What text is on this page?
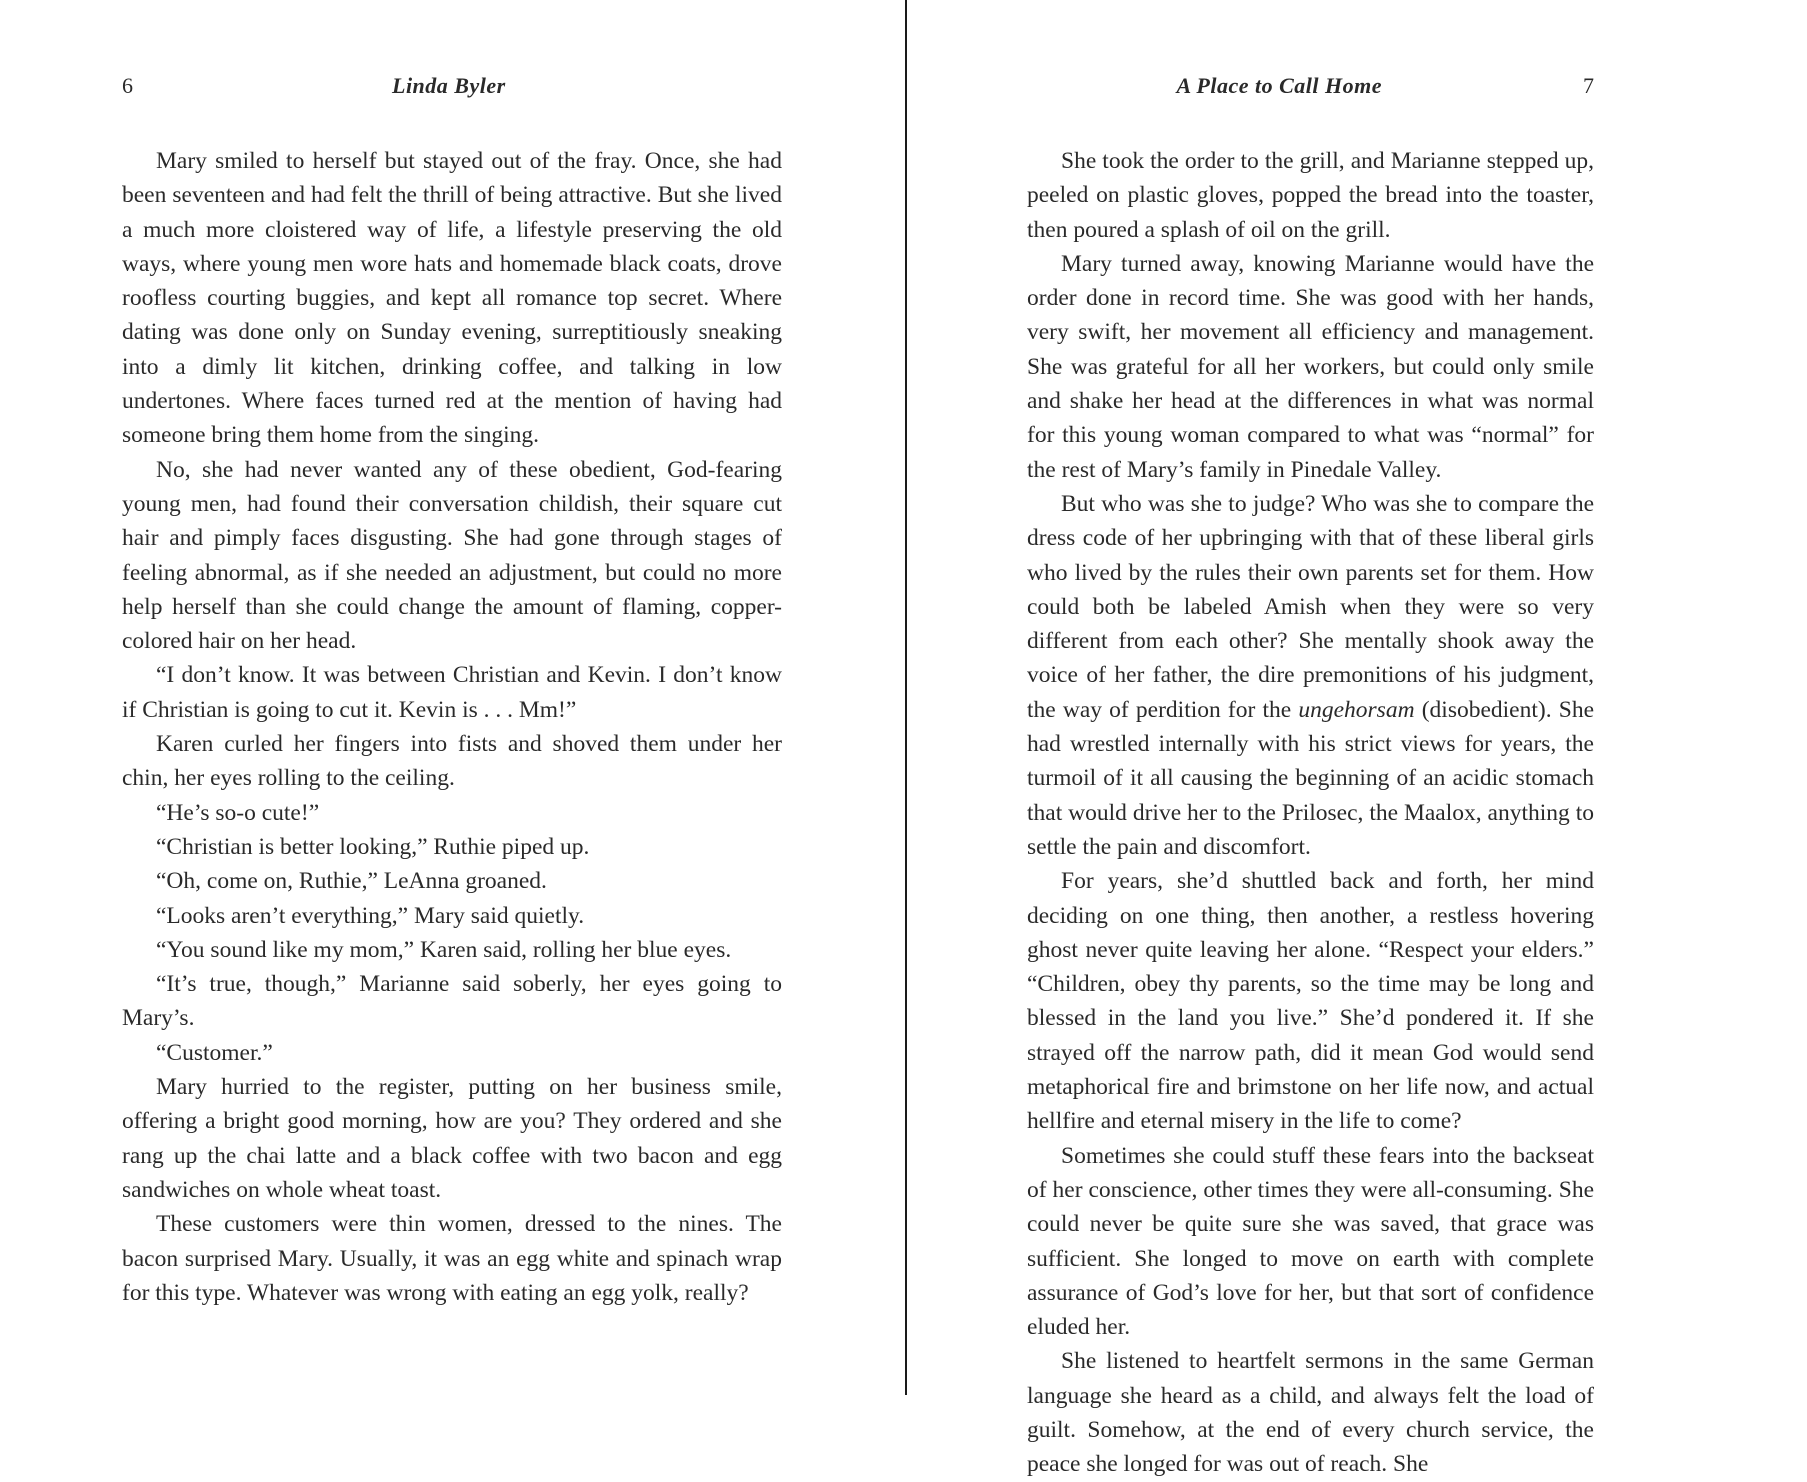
6	Linda Byler

Mary smiled to herself but stayed out of the fray. Once, she had been seventeen and had felt the thrill of being attractive. But she lived a much more cloistered way of life, a lifestyle preserving the old ways, where young men wore hats and homemade black coats, drove roofless courting buggies, and kept all romance top secret. Where dating was done only on Sunday evening, surreptitiously sneaking into a dimly lit kitchen, drinking coffee, and talking in low undertones. Where faces turned red at the mention of having had someone bring them home from the singing.

No, she had never wanted any of these obedient, God-fearing young men, had found their conversation childish, their square cut hair and pimply faces disgusting. She had gone through stages of feeling abnormal, as if she needed an adjustment, but could no more help herself than she could change the amount of flaming, copper-colored hair on her head.

“I don’t know. It was between Christian and Kevin. I don’t know if Christian is going to cut it. Kevin is . . . Mm!”

Karen curled her fingers into fists and shoved them under her chin, her eyes rolling to the ceiling.

“He’s so-o cute!”

“Christian is better looking,” Ruthie piped up.

“Oh, come on, Ruthie,” LeAnna groaned.

“Looks aren’t everything,” Mary said quietly.

“You sound like my mom,” Karen said, rolling her blue eyes.

“It’s true, though,” Marianne said soberly, her eyes going to Mary’s.

“Customer.”

Mary hurried to the register, putting on her business smile, offering a bright good morning, how are you? They ordered and she rang up the chai latte and a black coffee with two bacon and egg sandwiches on whole wheat toast.

These customers were thin women, dressed to the nines. The bacon surprised Mary. Usually, it was an egg white and spinach wrap for this type. Whatever was wrong with eating an egg yolk, really?

A Place to Call Home	7

She took the order to the grill, and Marianne stepped up, peeled on plastic gloves, popped the bread into the toaster, then poured a splash of oil on the grill.

Mary turned away, knowing Marianne would have the order done in record time. She was good with her hands, very swift, her movement all efficiency and management. She was grateful for all her workers, but could only smile and shake her head at the differences in what was normal for this young woman compared to what was “normal” for the rest of Mary’s family in Pinedale Valley.

But who was she to judge? Who was she to compare the dress code of her upbringing with that of these liberal girls who lived by the rules their own parents set for them. How could both be labeled Amish when they were so very different from each other? She mentally shook away the voice of her father, the dire premonitions of his judgment, the way of perdition for the ungehorsam (disobedient). She had wrestled internally with his strict views for years, the turmoil of it all causing the beginning of an acidic stomach that would drive her to the Prilosec, the Maalox, anything to settle the pain and discomfort.

For years, she’d shuttled back and forth, her mind deciding on one thing, then another, a restless hovering ghost never quite leaving her alone. “Respect your elders.” “Children, obey thy parents, so the time may be long and blessed in the land you live.” She’d pondered it. If she strayed off the narrow path, did it mean God would send metaphorical fire and brimstone on her life now, and actual hellfire and eternal misery in the life to come?

Sometimes she could stuff these fears into the backseat of her conscience, other times they were all-consuming. She could never be quite sure she was saved, that grace was sufficient. She longed to move on earth with complete assurance of God’s love for her, but that sort of confidence eluded her.

She listened to heartfelt sermons in the same German language she heard as a child, and always felt the load of guilt. Somehow, at the end of every church service, the peace she longed for was out of reach. She
